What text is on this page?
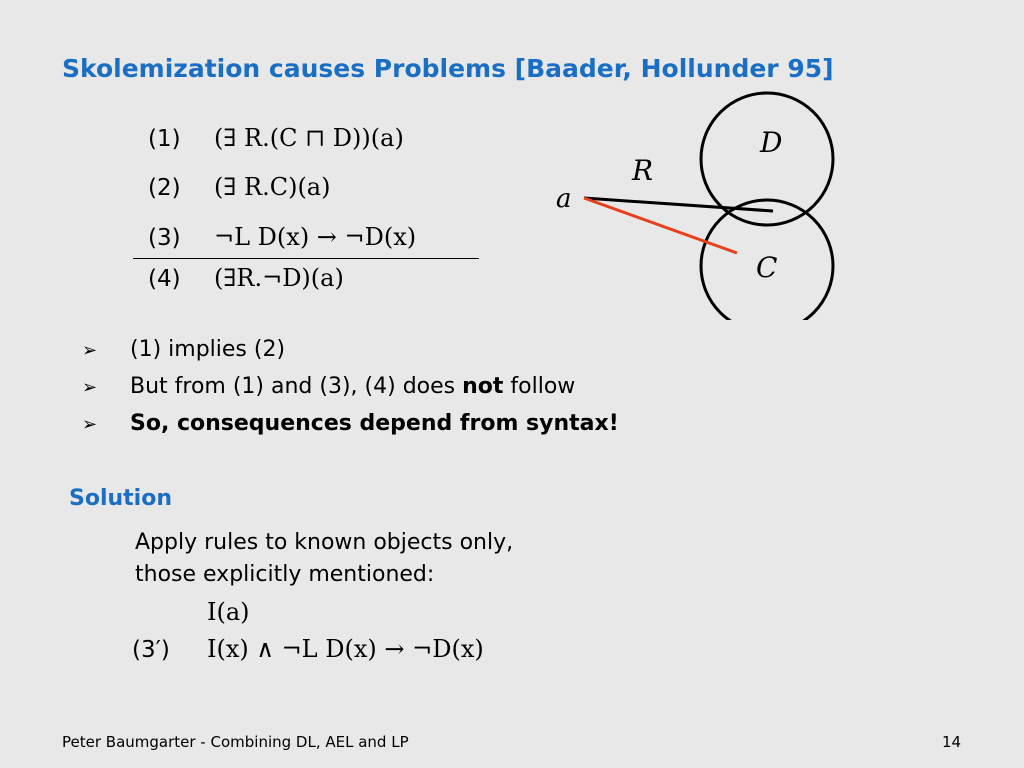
Skolemization causes Problems [Baader, Hollunder 95]
(1) (∃ R.(C ⊓ D))(a)
(2) (∃ R.C)(a)
(3) ¬L D(x) → ¬D(x)
(4) (∃R.¬D)(a)
a
R
D
C
➢ (1) implies (2)
➢ But from (1) and (3), (4) does not follow
➢ So, consequences depend from syntax!
Solution
Apply rules to known objects only,
those explicitly mentioned:
I(a)
(3′) I(x) ∧ ¬L D(x) → ¬D(x)
Peter Baumgarter - Combining DL, AEL and LP	14
